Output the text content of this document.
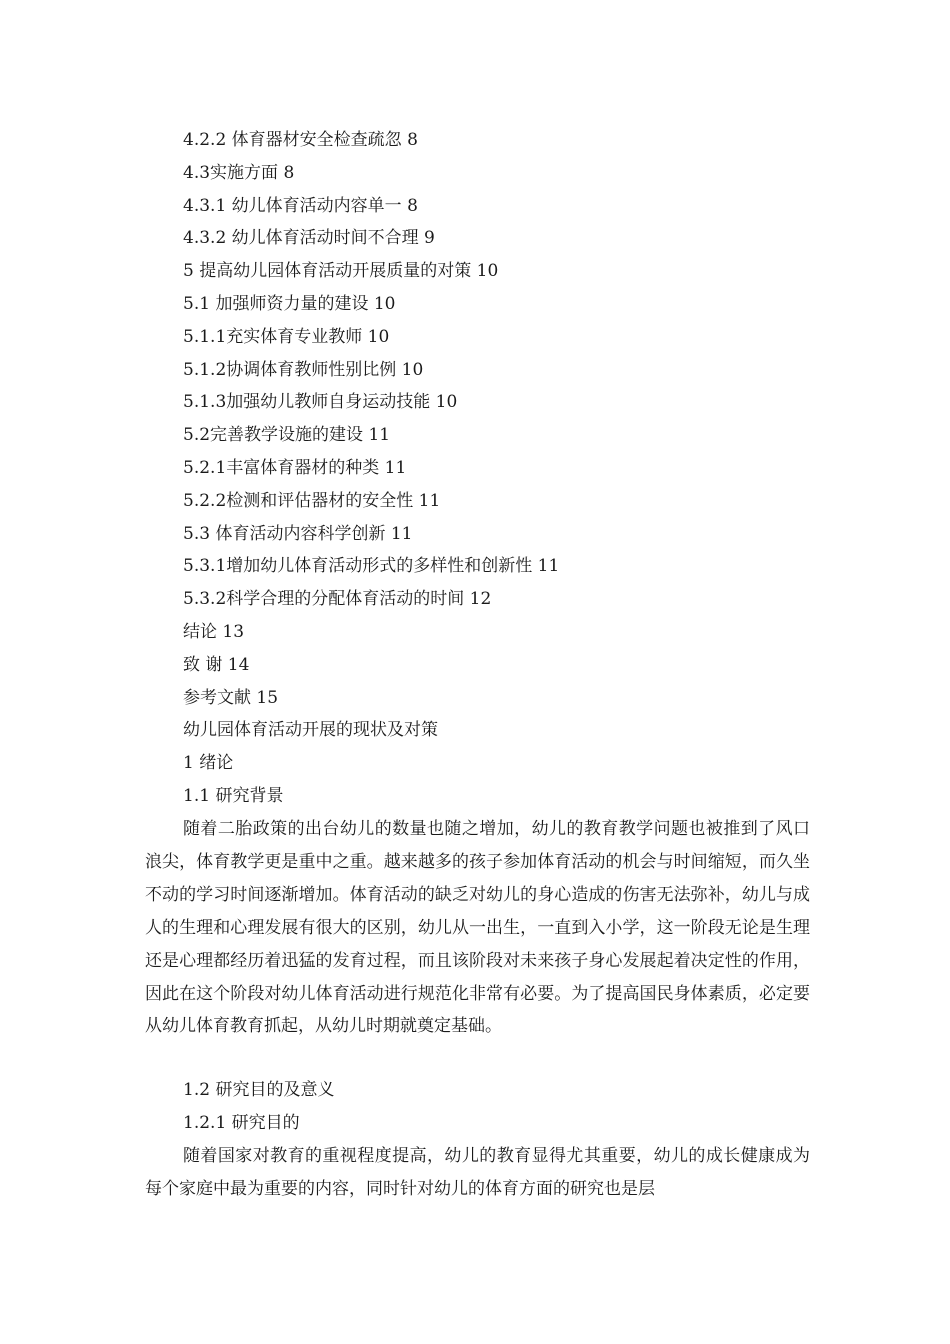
4.2.2 体育器材安全检查疏忽 8
4.3实施方面 8
4.3.1 幼儿体育活动内容单一 8
4.3.2 幼儿体育活动时间不合理 9
5 提高幼儿园体育活动开展质量的对策 10
5.1 加强师资力量的建设 10
5.1.1充实体育专业教师 10
5.1.2协调体育教师性别比例 10
5.1.3加强幼儿教师自身运动技能 10
5.2完善教学设施的建设 11
5.2.1丰富体育器材的种类 11
5.2.2检测和评估器材的安全性 11
5.3 体育活动内容科学创新 11
5.3.1增加幼儿体育活动形式的多样性和创新性 11
5.3.2科学合理的分配体育活动的时间 12
结论 13
致 谢 14
参考文献 15
幼儿园体育活动开展的现状及对策
1 绪论
1.1 研究背景

随着二胎政策的出台幼儿的数量也随之增加，幼儿的教育教学问题也被推到了风口浪尖，体育教学更是重中之重。越来越多的孩子参加体育活动的机会与时间缩短，而久坐不动的学习时间逐渐增加。体育活动的缺乏对幼儿的身心造成的伤害无法弥补，幼儿与成人的生理和心理发展有很大的区别，幼儿从一出生，一直到入小学，这一阶段无论是生理还是心理都经历着迅猛的发育过程，而且该阶段对未来孩子身心发展起着决定性的作用，因此在这个阶段对幼儿体育活动进行规范化非常有必要。为了提高国民身体素质，必定要从幼儿体育教育抓起，从幼儿时期就奠定基础。

1.2 研究目的及意义
1.2.1 研究目的

随着国家对教育的重视程度提高，幼儿的教育显得尤其重要，幼儿的成长健康成为每个家庭中最为重要的内容，同时针对幼儿的体育方面的研究也是层
